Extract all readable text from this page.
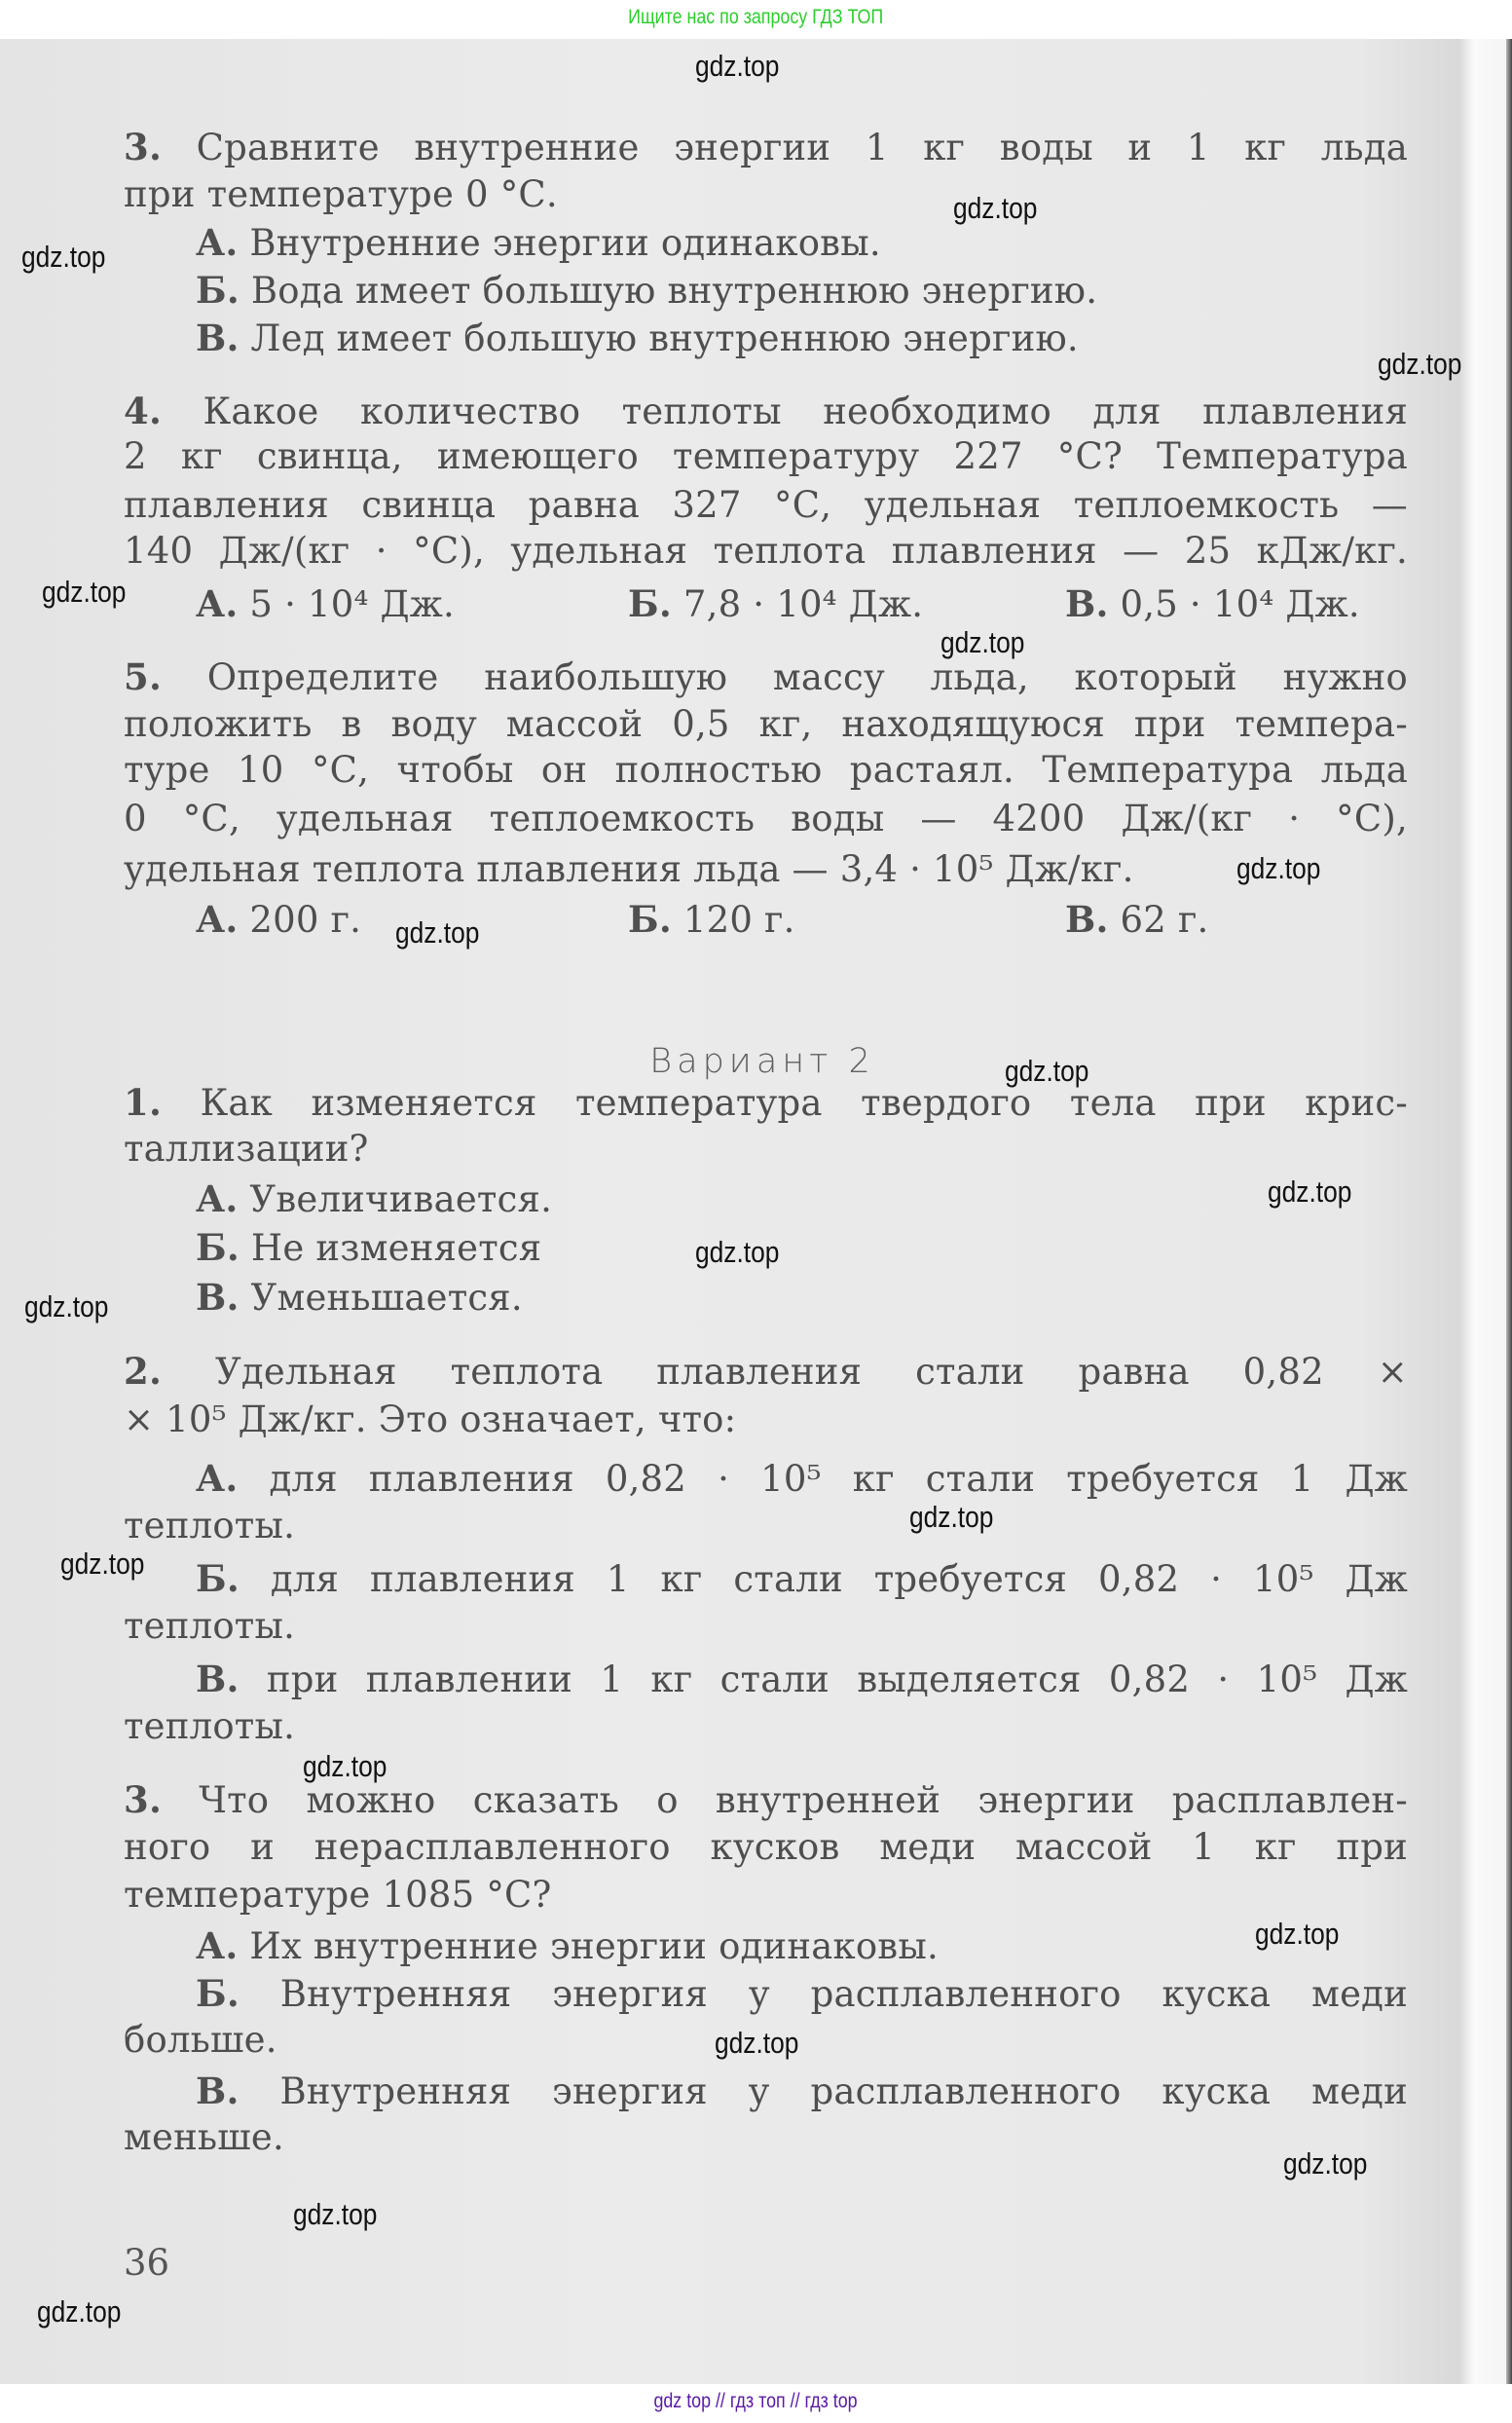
Ищите нас по запросу ГДЗ ТОП
Вариант 2
36
3. Сравните внутренние энергии 1 кг воды и 1 кг льда
при температуре 0 °С.
А. Внутренние энергии одинаковы.
Б. Вода имеет большую внутреннюю энергию.
В. Лед имеет большую внутреннюю энергию.
4. Какое количество теплоты необходимо для плавления
2 кг свинца, имеющего температуру 227 °С? Температура
плавления свинца равна 327 °С, удельная теплоемкость —
140 Дж/(кг · °С), удельная теплота плавления — 25 кДж/кг.
5. Определите наибольшую массу льда, который нужно
положить в воду массой 0,5 кг, находящуюся при темпера-
туре 10 °С, чтобы он полностью растаял. Температура льда
0 °С, удельная теплоемкость воды — 4200 Дж/(кг · °С),
удельная теплота плавления льда — 3,4 · 10⁵ Дж/кг.
1. Как изменяется температура твердого тела при крис-
таллизации?
А. Увеличивается.
Б. Не изменяется
В. Уменьшается.
2. Удельная теплота плавления стали равна 0,82 ×
× 10⁵ Дж/кг. Это означает, что:
А. для плавления 0,82 · 10⁵ кг стали требуется 1 Дж
теплоты.
Б. для плавления 1 кг стали требуется 0,82 · 10⁵ Дж
теплоты.
В. при плавлении 1 кг стали выделяется 0,82 · 10⁵ Дж
теплоты.
3. Что можно сказать о внутренней энергии расплавлен-
ного и нерасплавленного кусков меди массой 1 кг при
температуре 1085 °С?
А. Их внутренние энергии одинаковы.
Б. Внутренняя энергия у расплавленного куска меди
больше.
В. Внутренняя энергия у расплавленного куска меди
меньше.
А. 5 · 10⁴ Дж.	Б. 7,8 · 10⁴ Дж.	В. 0,5 · 10⁴ Дж.
А. 200 г.	Б. 120 г.	В. 62 г.
gdz.top
gdz.top
gdz.top
gdz.top
gdz.top
gdz.top
gdz.top
gdz.top
gdz.top
gdz.top
gdz.top
gdz.top
gdz.top
gdz.top
gdz.top
gdz.top
gdz.top
gdz.top
gdz.top
gdz.top
gdz top // гдз топ // гдз top
